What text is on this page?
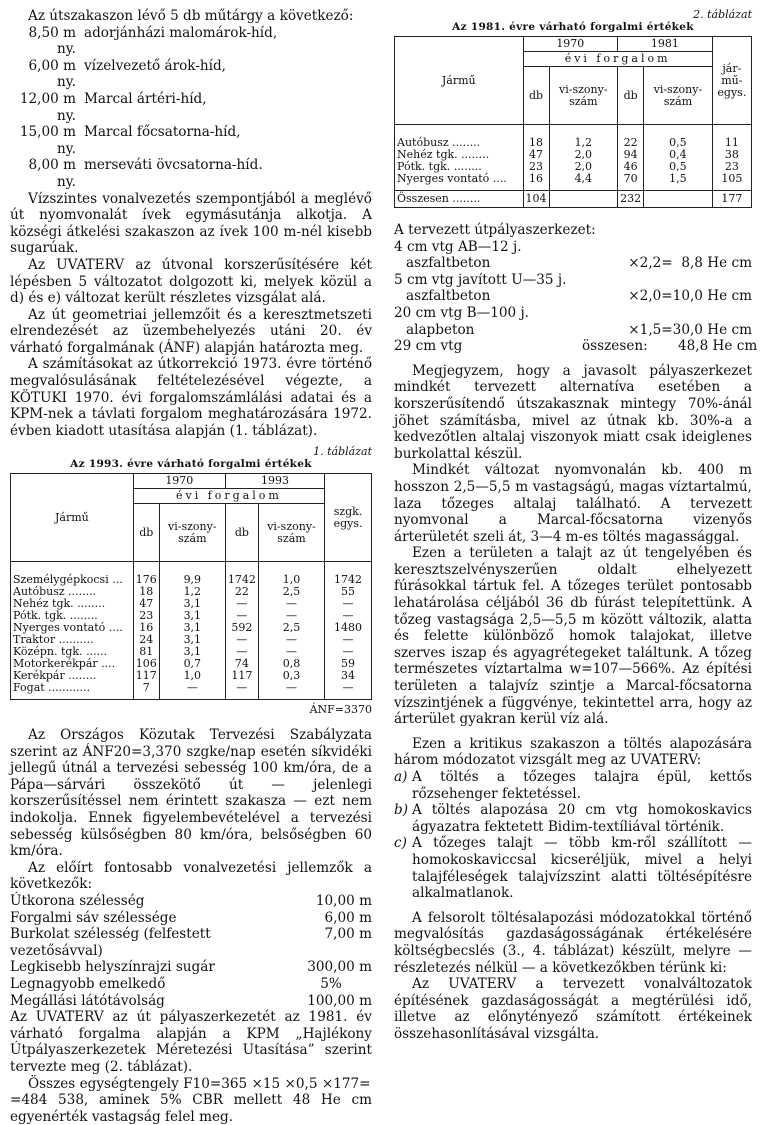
Az útszakaszon lévő 5 db műtárgy a következő:

8,50 m ny.
adorjánházi malomárok-híd,
6,00 m ny.
vízelvezető árok-híd,
12,00 m ny.
Marcal ártéri-híd,
15,00 m ny.
Marcal főcsatorna-híd,
8,00 m ny.
merseváti övcsatorna-híd.

Vízszintes vonalvezetés szempontjából a meglévő út nyomvonalát ívek egymásutánja alkotja. A községi átkelési szakaszon az ívek 100 m-nél kisebb sugarúak.

Az UVATERV az útvonal korszerűsítésére két lépésben 5 változatot dolgozott ki, melyek közül a d) és e) változat került részletes vizsgálat alá.

Az út geometriai jellemzőit és a keresztmetszeti elrendezését az üzembehelyezés utáni 20. év várható forgalmának (ÁNF) alapján határozta meg.

A számításokat az útkorrekció 1973. évre történő megvalósulásának feltételezésével végezte, a KÖTUKI 1970. évi forgalomszámlálási adatai és a KPM-nek a távlati forgalom meghatározására 1972. évben kiadott utasítása alapján (1. táblázat).

1. táblázat
Az 1993. évre várható forgalmi értékek
Jármű	1970		1993		szgk. egys.
	évi forgalom				
	db	vi-szony-szám	db	vi-szony-szám	
Személygépkocsi ...	176	9,9	1742	1,0	1742
Autóbusz ........	18	1,2	22	2,5	55
Nehéz tgk. ........	47	3,1	—	—	—
Pótk. tgk. ........	23	3,1	—	—	—
Nyerges vontató ....	16	3,1	592	2,5	1480
Traktor ..........	24	3,1	—	—	—
Középn. tgk. ......	81	3,1	—	—	—
Motorkerékpár ....	106	0,7	74	0,8	59
Kerékpár ........	117	1,0	117	0,3	34
Fogat ............	7	—	—	—	—
ÁNF=3370

Az Országos Közutak Tervezési Szabályzata szerint az ÁNF20=3,370 szgke/nap esetén síkvidéki jellegű útnál a tervezési sebesség 100 km/óra, de a Pápa—sárvári összekötő út — jelenlegi korszerűsítéssel nem érintett szakasza — ezt nem indokolja. Ennek figyelembevételével a tervezési sebesség külsőségben 80 km/óra, belsőségben 60 km/óra.

Az előírt fontosabb vonalvezetési jellemzők a következők:

Útkorona szélesség	10,00 m
Forgalmi sáv szélessége	6,00 m
Burkolat szélesség (felfestett vezetősávval)
7,00 m
Legkisebb helyszínrajzi sugár	300,00 m
Legnagyobb emelkedő	5%
Megállási látótávolság	100,00 m

Az UVATERV az út pályaszerkezetét az 1981. év várható forgalma alapján a KPM „Hajlékony Útpályaszerkezetek Méretezési Utasítása” szerint tervezte meg (2. táblázat).

Összes egységtengely F10=365 ×15 ×0,5 ×177=

=484 538, aminek 5% CBR mellett 48 He cm egyenérték vastagság felel meg.

2. táblázat
Az 1981. évre várható forgalmi értékek
Jármű	1970		1981		jár-mű-egys.
	évi forgalom				
	db	vi-szony-szám	db	vi-szony-szám	
Autóbusz ........	18	1,2	22	0,5	11
Nehéz tgk. ........	47	2,0	94	0,4	38
Pótk. tgk. ........	23	2,0	46	0,5	23
Nyerges vontató ....	16	4,4	70	1,5	105
Összesen ........	104		232		177

A tervezett útpályaszerkezet:

4 cm vtg AB—12 j.
aszfaltbeton	×2,2=  8,8 He cm
5 cm vtg javított U—35 j.
aszfaltbeton	×2,0=10,0 He cm
20 cm vtg B—100 j.
alapbeton	×1,5=30,0 He cm
29 cm vtg	összesen:       48,8 He cm

Megjegyzem, hogy a javasolt pályaszerkezet mindkét tervezett alternatíva esetében a korszerűsítendő útszakasznak mintegy 70%-ánál jöhet számításba, mivel az útnak kb. 30%-a a kedvezőtlen altalaj viszonyok miatt csak ideiglenes burkolattal készül.

Mindkét változat nyomvonalán kb. 400 m hosszon 2,5—5,5 m vastagságú, magas víztartalmú, laza tőzeges altalaj található. A tervezett nyomvonal a Marcal-főcsatorna vizenyős árterületét szeli át, 3—4 m-es töltés magassággal.

Ezen a területen a talajt az út tengelyében és keresztszelvényszerűen oldalt elhelyezett fúrásokkal tártuk fel. A tőzeges terület pontosabb lehatárolása céljából 36 db fúrást telepítettünk. A tőzeg vastagsága 2,5—5,5 m között változik, alatta és felette különböző homok talajokat, illetve szerves iszap és agyagrétegeket találtunk. A tőzeg természetes víztartalma w=107—566%. Az építési területen a talajvíz szintje a Marcal-főcsatorna vízszintjének a függvénye, tekintettel arra, hogy az árterület gyakran kerül víz alá.

Ezen a kritikus szakaszon a töltés alapozására három módozatot vizsgált meg az UVATERV:

a) A töltés a tőzeges talajra épül, kettős rőzsehenger fektetéssel.
b) A töltés alapozása 20 cm vtg homokoskavics ágyazatra fektetett Bidim-textíliával történik.
c) A tőzeges talajt — több km-ről szállított — homokoskaviccsal kicseréljük, mivel a helyi talajféleségek talajvízszint alatti töltésépítésre alkalmatlanok.

A felsorolt töltésalapozási módozatokkal történő megvalósítás gazdaságosságának értékelésére költségbecslés (3., 4. táblázat) készült, melyre — részletezés nélkül — a következőkben térünk ki:

Az UVATERV a tervezett vonalváltozatok építésének gazdaságosságát a megtérülési idő, illetve az előnytényező számított értékeinek összehasonlításával vizsgálta.
